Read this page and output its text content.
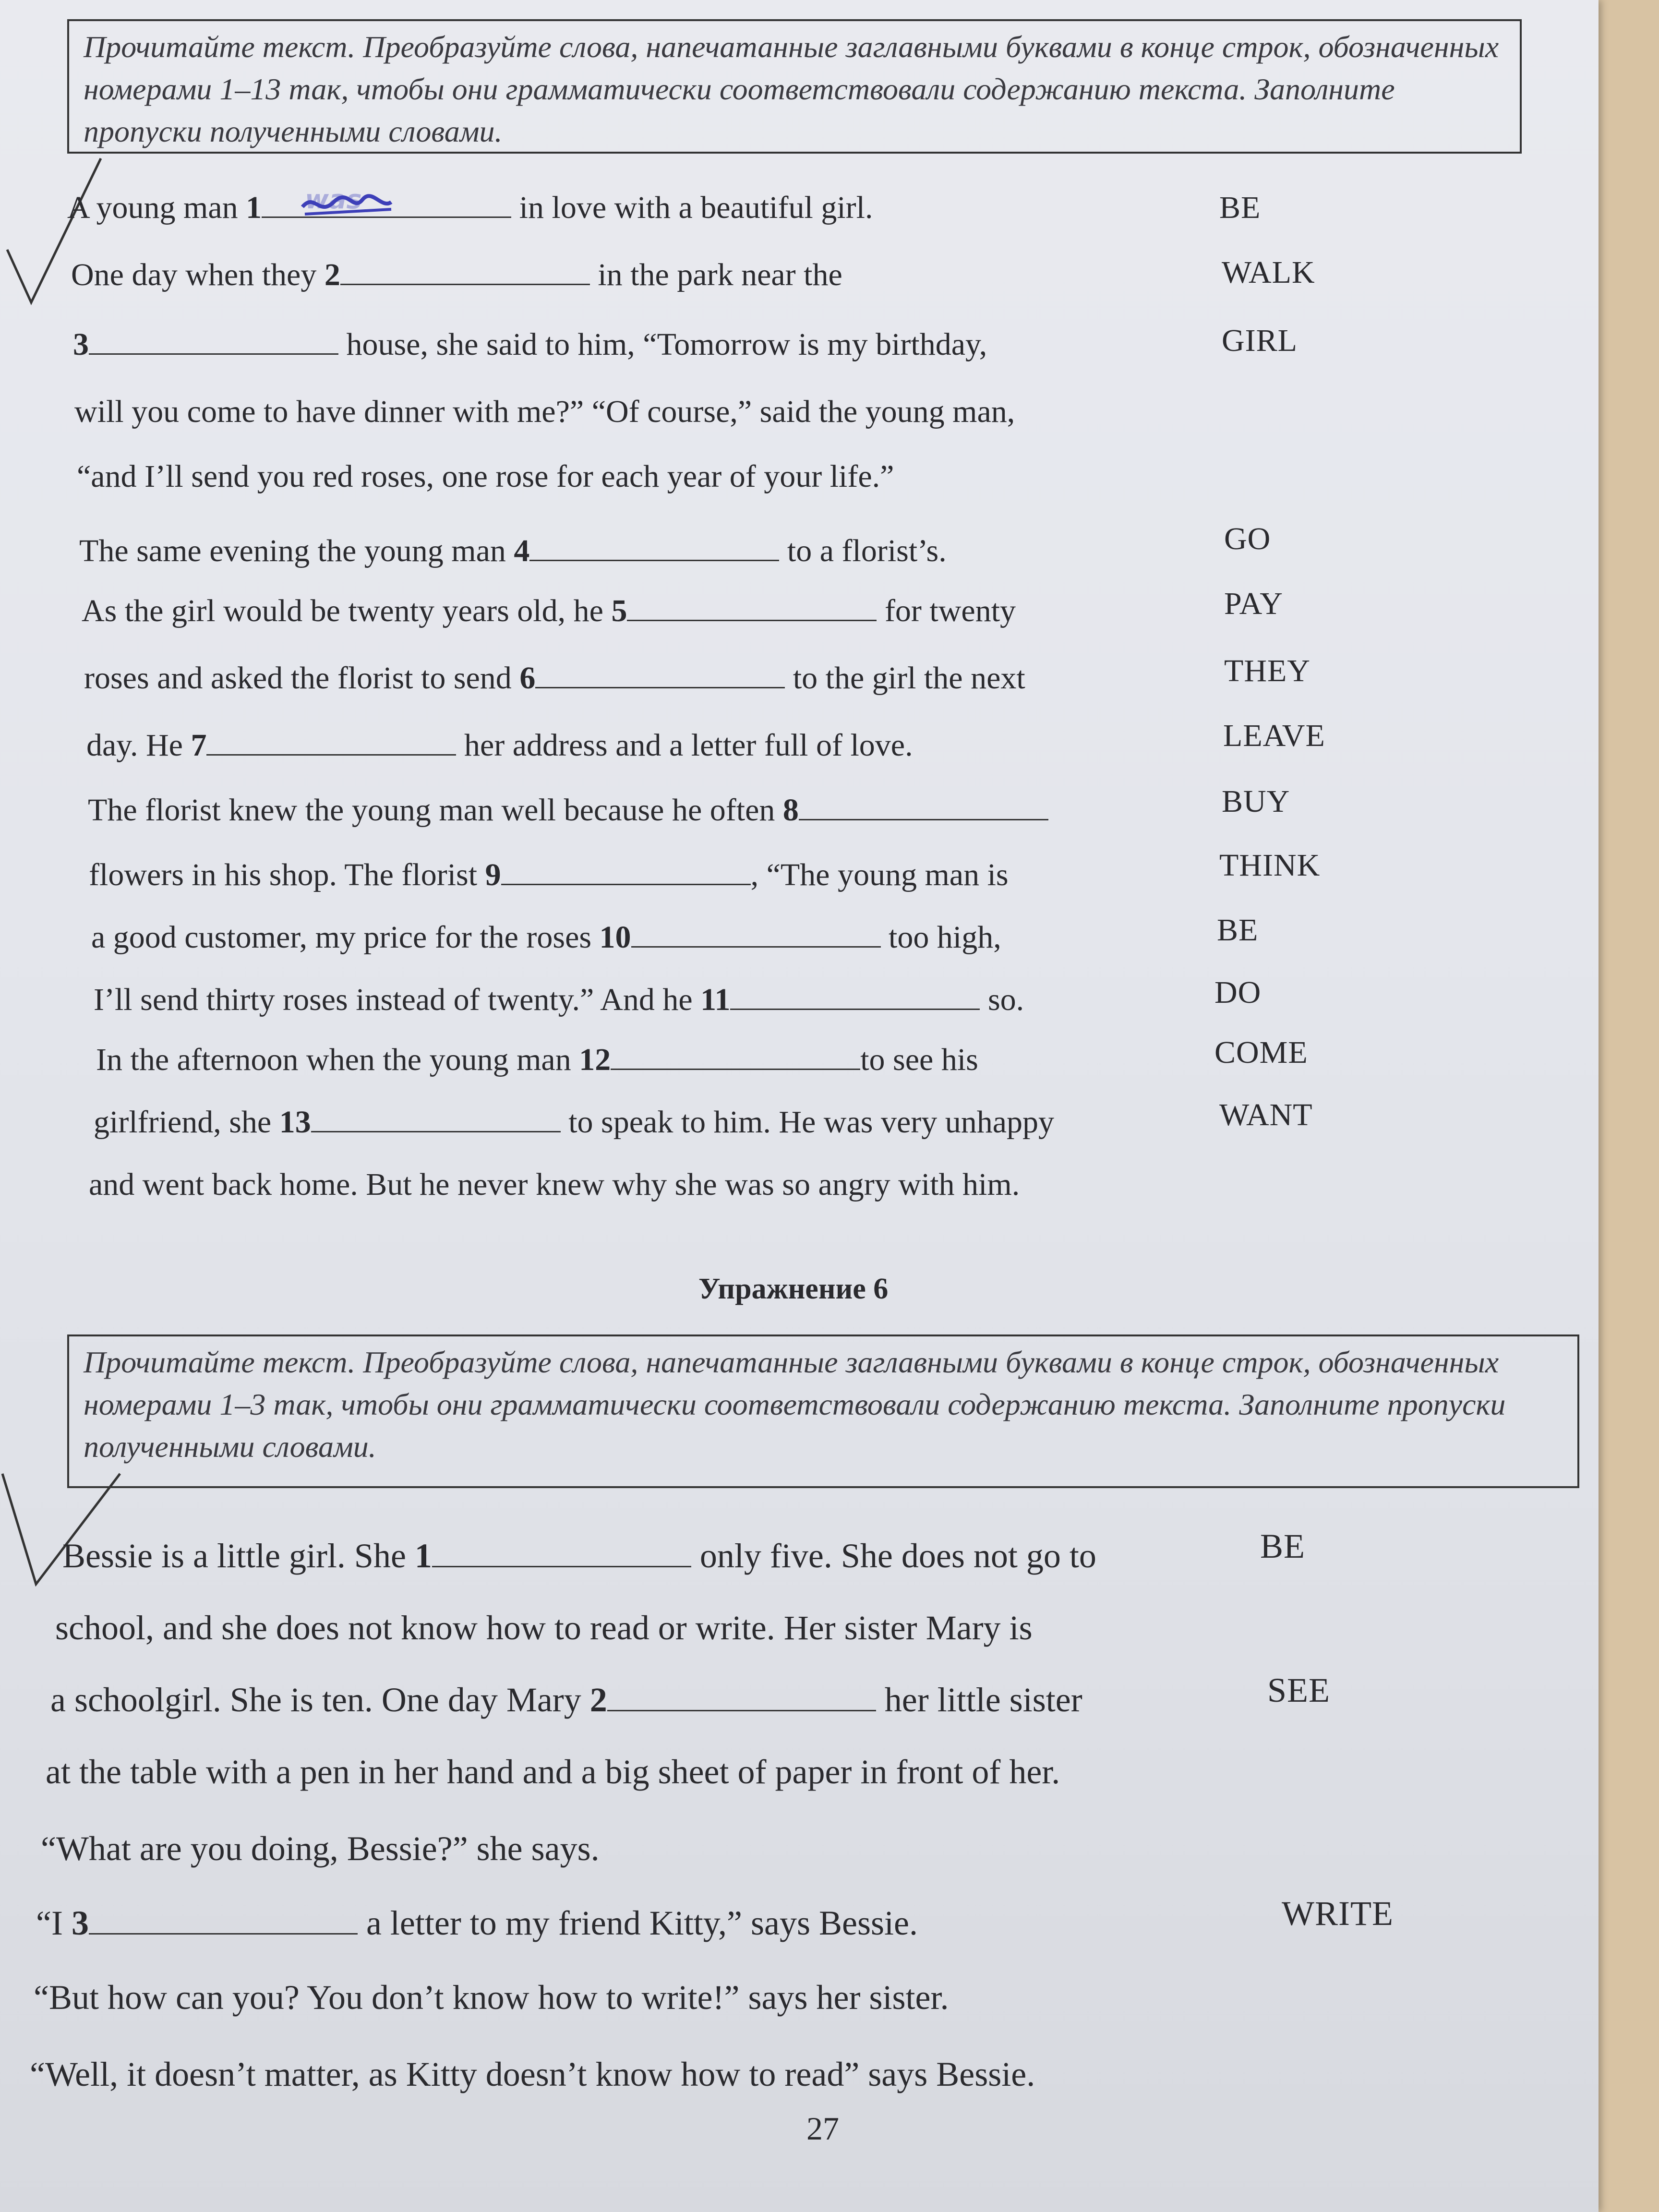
Прочитайте текст. Преобразуйте слова, напечатанные заглавными буквами в конце строк, обозначенных номерами 1–13 так, чтобы они грамматически соответствовали содержанию текста. Заполните пропуски полученными словами.
A young man 1 was	in love with a beautiful girl.	BE
One day when they 2	in the park near the	WALK
3	house, she said to him, “Tomorrow is my birthday,	GIRL
will you come to have dinner with me?” “Of course,” said the young man,
“and I’ll send you red roses, one rose for each year of your life.”
The same evening the young man 4	to a florist’s.	GO
As the girl would be twenty years old, he 5	for twenty	PAY
roses and asked the florist to send 6	to the girl the next	THEY
day. He 7	her address and a letter full of love.	LEAVE
The florist knew the young man well because he often 8	BUY
flowers in his shop. The florist 9	, “The young man is	THINK
a good customer, my price for the roses 10	too high,	BE
I’ll send thirty roses instead of twenty.” And he 11	so.	DO
In the afternoon when the young man 12	to see his	COME
girlfriend, she 13	to speak to him. He was very unhappy	WANT
and went back home. But he never knew why she was so angry with him.
Упражнение 6
Прочитайте текст. Преобразуйте слова, напечатанные заглавными буквами в конце строк, обозначенных номерами 1–3 так, чтобы они грамматически соответствовали содержанию текста. Заполните пропуски полученными словами.
Bessie is a little girl. She 1	only five. She does not go to	BE
school, and she does not know how to read or write. Her sister Mary is
a schoolgirl. She is ten. One day Mary 2	her little sister	SEE
at the table with a pen in her hand and a big sheet of paper in front of her.
“What are you doing, Bessie?” she says.
“I 3	a letter to my friend Kitty,” says Bessie.	WRITE
“But how can you? You don’t know how to write!” says her sister.
“Well, it doesn’t matter, as Kitty doesn’t know how to read” says Bessie.
27
